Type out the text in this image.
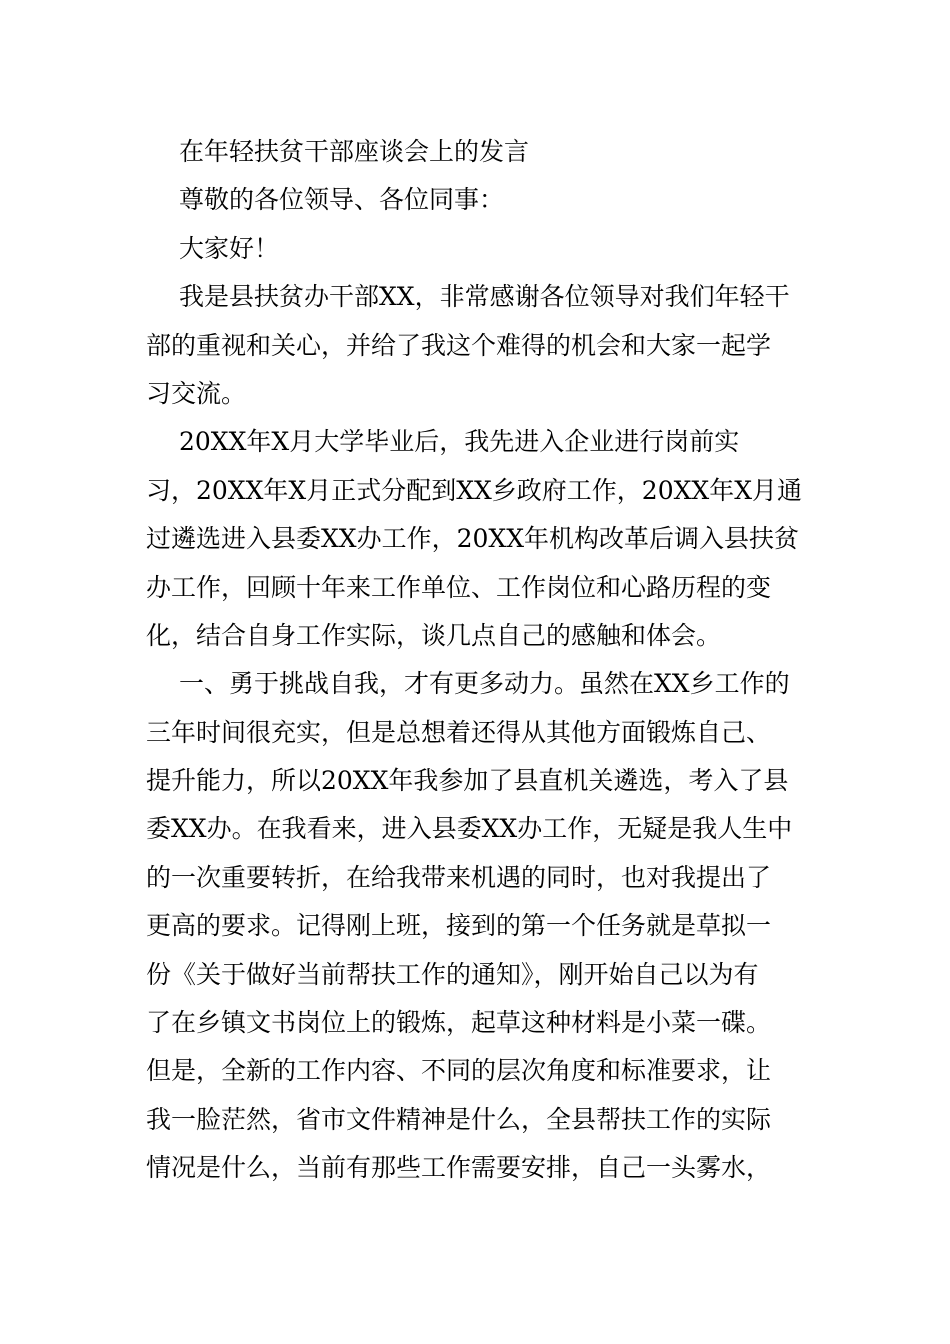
在年轻扶贫干部座谈会上的发言
尊敬的各位领导、各位同事：
大家好！
我是县扶贫办干部XX，非常感谢各位领导对我们年轻干
部的重视和关心，并给了我这个难得的机会和大家一起学
习交流。
20XX年X月大学毕业后，我先进入企业进行岗前实
习，20XX年X月正式分配到XX乡政府工作，20XX年X月通
过遴选进入县委XX办工作，20XX年机构改革后调入县扶贫
办工作，回顾十年来工作单位、工作岗位和心路历程的变
化，结合自身工作实际，谈几点自己的感触和体会。
一、勇于挑战自我，才有更多动力。虽然在XX乡工作的
三年时间很充实，但是总想着还得从其他方面锻炼自己、
提升能力，所以20XX年我参加了县直机关遴选，考入了县
委XX办。在我看来，进入县委XX办工作，无疑是我人生中
的一次重要转折，在给我带来机遇的同时，也对我提出了
更高的要求。记得刚上班，接到的第一个任务就是草拟一
份《关于做好当前帮扶工作的通知》，刚开始自己以为有
了在乡镇文书岗位上的锻炼，起草这种材料是小菜一碟。
但是，全新的工作内容、不同的层次角度和标准要求，让
我一脸茫然，省市文件精神是什么，全县帮扶工作的实际
情况是什么，当前有那些工作需要安排，自己一头雾水，
